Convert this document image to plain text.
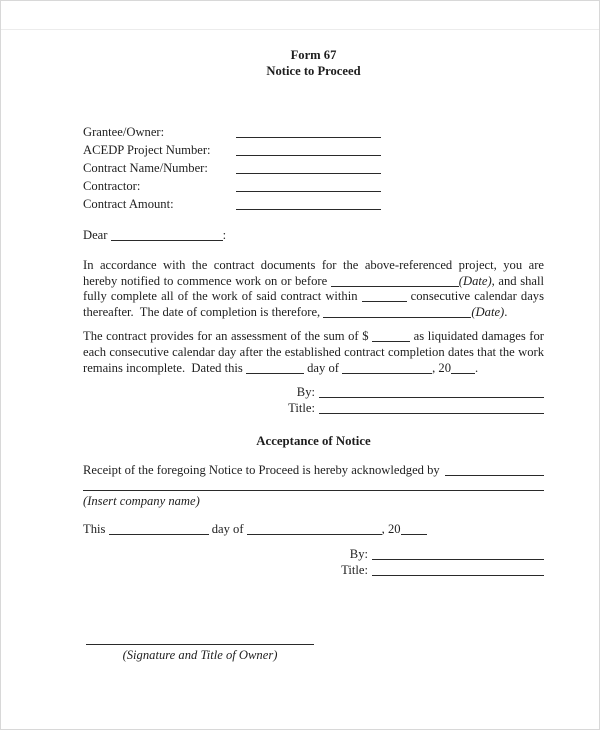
Form 67
Notice to Proceed
Grantee/Owner:
ACEDP Project Number:
Contract Name/Number:
Contractor:
Contract Amount:
Dear	:

In accordance with the contract documents for the above-referenced project, you are hereby notified to commence work on or before	(Date), and shall fully complete all of the work of said contract within	consecutive calendar days thereafter.  The date of completion is therefore,	(Date).

The contract provides for an assessment of the sum of $	as liquidated damages for each consecutive calendar day after the established contract completion dates that the work remains incomplete.  Dated this	day of	, 20 .

By:
Title:
Acceptance of Notice
Receipt of the foregoing Notice to Proceed is hereby acknowledged by
(Insert company name)
This	day of	, 20
By:
Title:
(Signature and Title of Owner)
